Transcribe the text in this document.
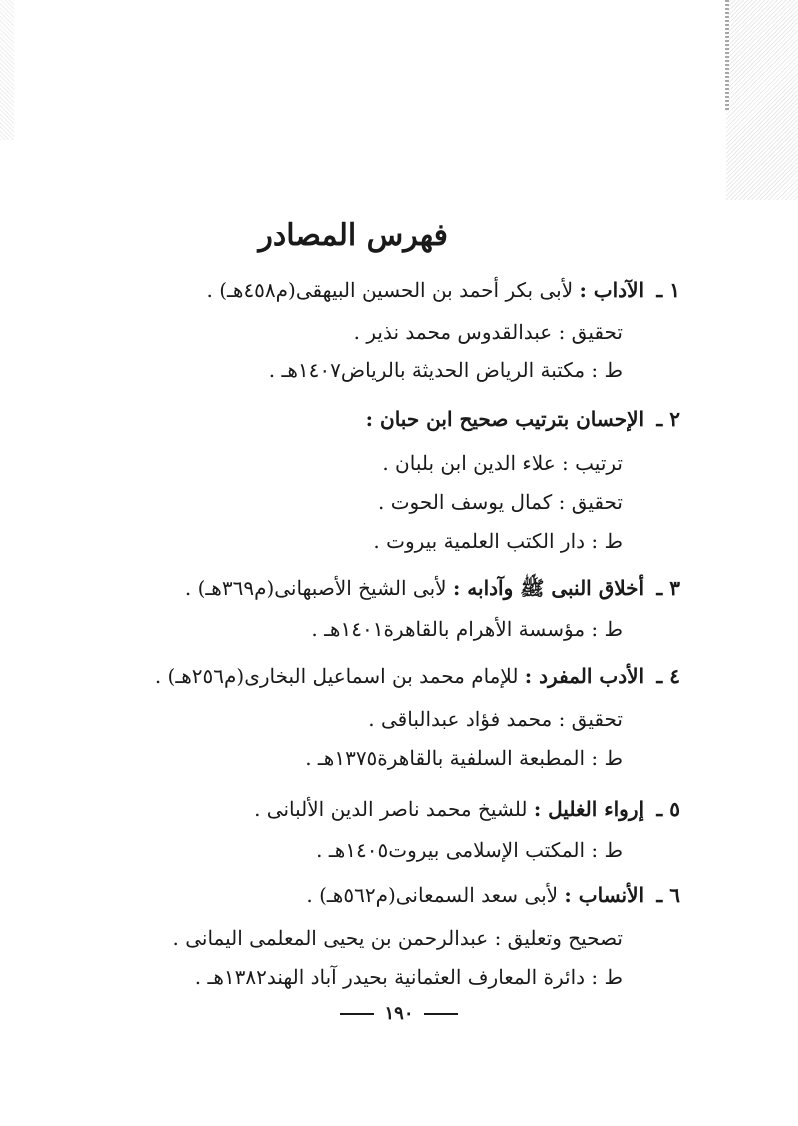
فهرس المصادر
١ ـ الآداب : لأبى بكر أحمد بن الحسين البيهقى(م٤٥٨هـ) .
تحقيق : عبدالقدوس محمد نذير .
ط : مكتبة الرياض الحديثة بالرياض١٤٠٧هـ .
٢ ـ الإحسان بترتيب صحيح ابن حبان :
ترتيب : علاء الدين ابن بلبان .
تحقيق : كمال يوسف الحوت .
ط : دار الكتب العلمية بيروت .
٣ ـ أخلاق النبى ﷺ وآدابه : لأبى الشيخ الأصبهانى(م٣٦٩هـ) .
ط : مؤسسة الأهرام بالقاهرة١٤٠١هـ .
٤ ـ الأدب المفرد : للإمام محمد بن اسماعيل البخارى(م٢٥٦هـ) .
تحقيق : محمد فؤاد عبدالباقى .
ط : المطبعة السلفية بالقاهرة١٣٧٥هـ .
٥ ـ إرواء الغليل : للشيخ محمد ناصر الدين الألبانى .
ط : المكتب الإسلامى بيروت١٤٠٥هـ .
٦ ـ الأنساب : لأبى سعد السمعانى(م٥٦٢هـ) .
تصحيح وتعليق : عبدالرحمن بن يحيى المعلمى اليمانى .
ط : دائرة المعارف العثمانية بحيدر آباد الهند١٣٨٢هـ .
١٩٠
